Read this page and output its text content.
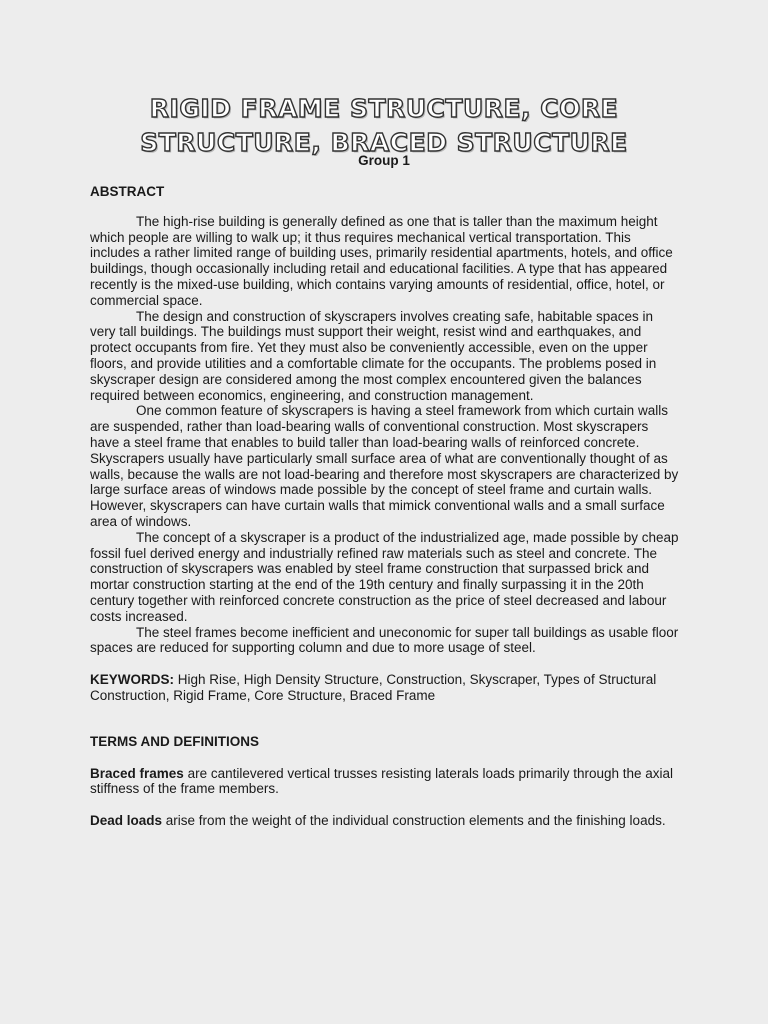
RIGID FRAME STRUCTURE, CORE
STRUCTURE, BRACED STRUCTURE
Group 1
ABSTRACT

The high-rise building is generally defined as one that is taller than the maximum height which people are willing to walk up; it thus requires mechanical vertical transportation. This includes a rather limited range of building uses, primarily residential apartments, hotels, and office buildings, though occasionally including retail and educational facilities. A type that has appeared recently is the mixed-use building, which contains varying amounts of residential, office, hotel, or commercial space.

The design and construction of skyscrapers involves creating safe, habitable spaces in very tall buildings. The buildings must support their weight, resist wind and earthquakes, and protect occupants from fire. Yet they must also be conveniently accessible, even on the upper floors, and provide utilities and a comfortable climate for the occupants. The problems posed in skyscraper design are considered among the most complex encountered given the balances required between economics, engineering, and construction management.

One common feature of skyscrapers is having a steel framework from which curtain walls are suspended, rather than load-bearing walls of conventional construction. Most skyscrapers have a steel frame that enables to build taller than load-bearing walls of reinforced concrete. Skyscrapers usually have particularly small surface area of what are conventionally thought of as walls, because the walls are not load-bearing and therefore most skyscrapers are characterized by large surface areas of windows made possible by the concept of steel frame and curtain walls. However, skyscrapers can have curtain walls that mimick conventional walls and a small surface area of windows.

The concept of a skyscraper is a product of the industrialized age, made possible by cheap fossil fuel derived energy and industrially refined raw materials such as steel and concrete. The construction of skyscrapers was enabled by steel frame construction that surpassed brick and mortar construction starting at the end of the 19th century and finally surpassing it in the 20th century together with reinforced concrete construction as the price of steel decreased and labour costs increased.

The steel frames become inefficient and uneconomic for super tall buildings as usable floor spaces are reduced for supporting column and due to more usage of steel.

KEYWORDS: High Rise, High Density Structure, Construction, Skyscraper, Types of Structural Construction, Rigid Frame, Core Structure, Braced Frame

TERMS AND DEFINITIONS

Braced frames are cantilevered vertical trusses resisting laterals loads primarily through the axial stiffness of the frame members.

Dead loads arise from the weight of the individual construction elements and the finishing loads.
